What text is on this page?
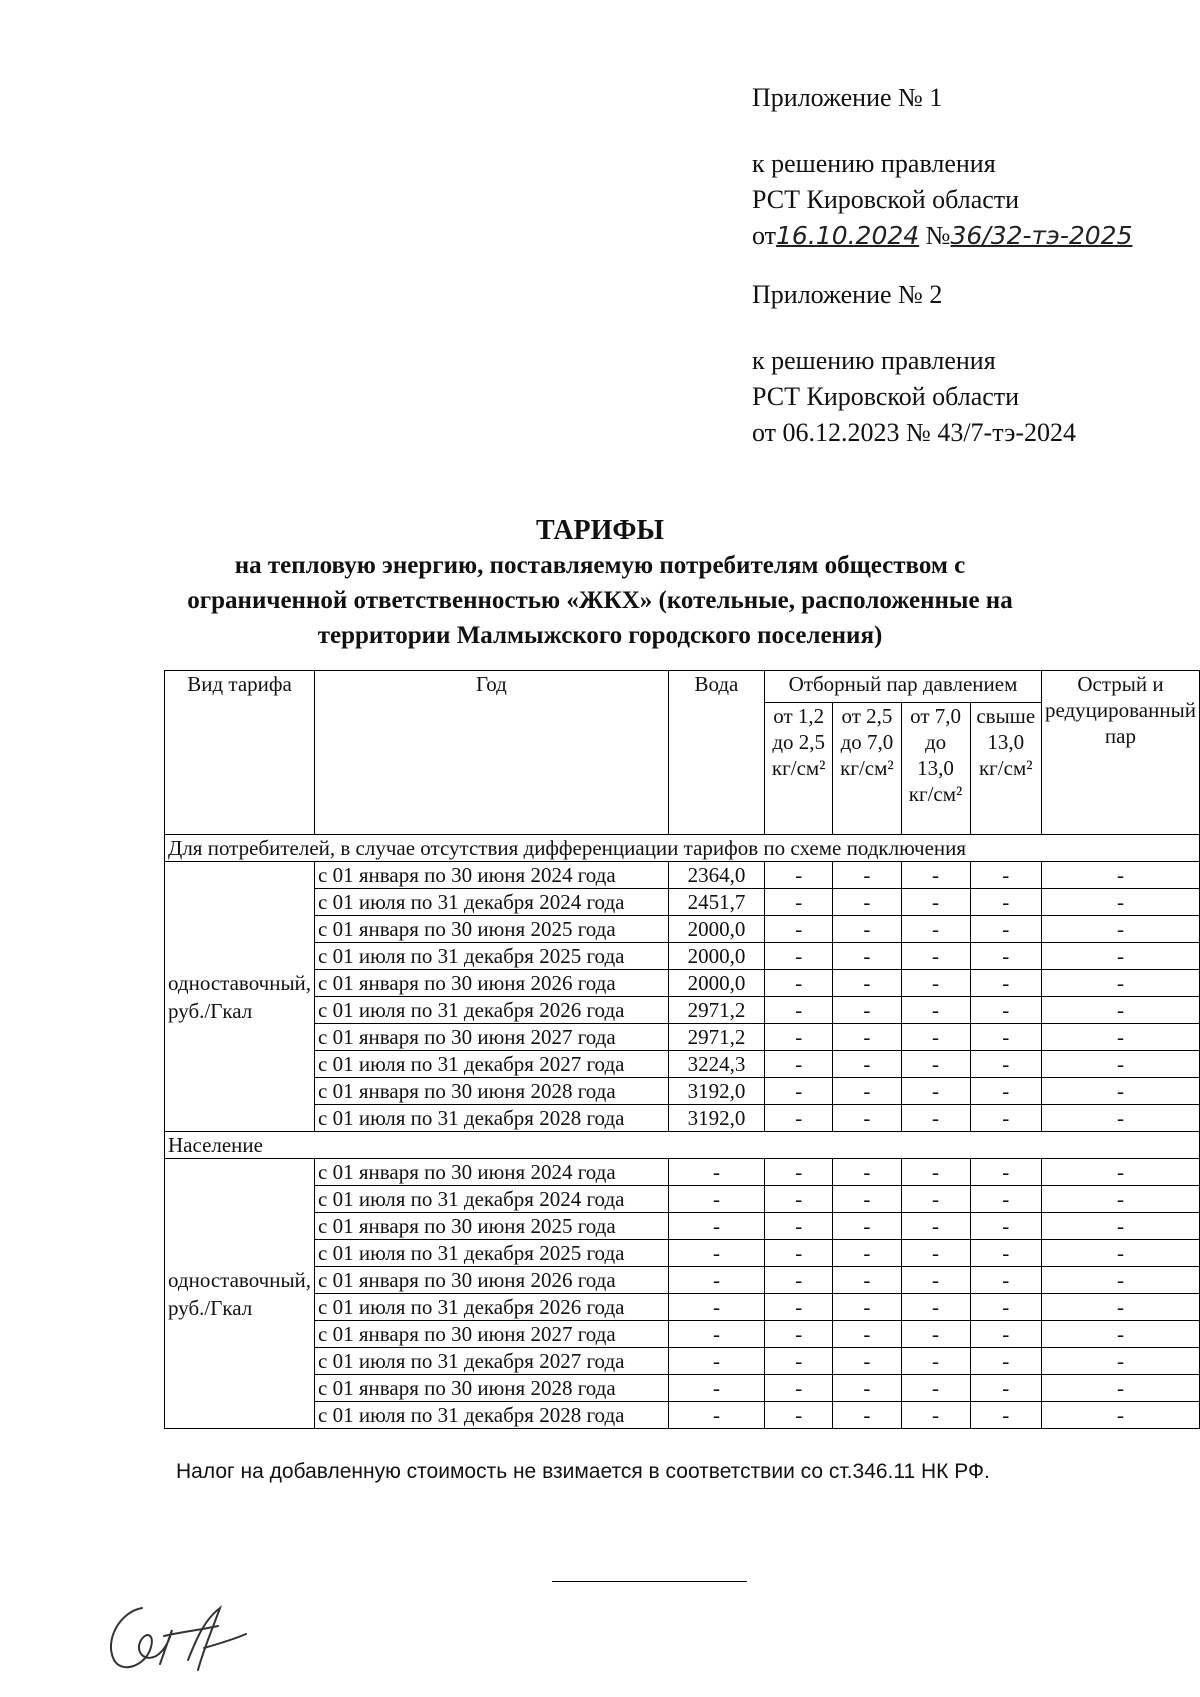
Приложение № 1
к решению правления
РСТ Кировской области
от16.10.2024 №36/32-тэ-2025
Приложение № 2
к решению правления
РСТ Кировской области
от 06.12.2023 № 43/7-тэ-2024
ТАРИФЫ
на тепловую энергию, поставляемую потребителям обществом с
ограниченной ответственностью «ЖКХ» (котельные, расположенные на
территории Малмыжского городского поселения)
Вид тарифа	Год	Вода	Отборный пар давлением				Острый и редуцированный пар
			от 1,2 до 2,5 кг/см²	от 2,5 до 7,0 кг/см²	от 7,0 до 13,0 кг/см²	свыше 13,0 кг/см²	
Для потребителей, в случае отсутствия дифференциации тарифов по схеме подключения							
одноставочный, руб./Гкал	с 01 января по 30 июня 2024 года	2364,0	-	-	-	-	-
	с 01 июля по 31 декабря 2024 года	2451,7	-	-	-	-	-
	с 01 января по 30 июня 2025 года	2000,0	-	-	-	-	-
	с 01 июля по 31 декабря 2025 года	2000,0	-	-	-	-	-
	с 01 января по 30 июня 2026 года	2000,0	-	-	-	-	-
	с 01 июля по 31 декабря 2026 года	2971,2	-	-	-	-	-
	с 01 января по 30 июня 2027 года	2971,2	-	-	-	-	-
	с 01 июля по 31 декабря 2027 года	3224,3	-	-	-	-	-
	с 01 января по 30 июня 2028 года	3192,0	-	-	-	-	-
	с 01 июля по 31 декабря 2028 года	3192,0	-	-	-	-	-
Население							
одноставочный, руб./Гкал	с 01 января по 30 июня 2024 года	-	-	-	-	-	-
	с 01 июля по 31 декабря 2024 года	-	-	-	-	-	-
	с 01 января по 30 июня 2025 года	-	-	-	-	-	-
	с 01 июля по 31 декабря 2025 года	-	-	-	-	-	-
	с 01 января по 30 июня 2026 года	-	-	-	-	-	-
	с 01 июля по 31 декабря 2026 года	-	-	-	-	-	-
	с 01 января по 30 июня 2027 года	-	-	-	-	-	-
	с 01 июля по 31 декабря 2027 года	-	-	-	-	-	-
	с 01 января по 30 июня 2028 года	-	-	-	-	-	-
	с 01 июля по 31 декабря 2028 года	-	-	-	-	-	-
Налог на добавленную стоимость не взимается в соответствии со ст.346.11 НК РФ.
